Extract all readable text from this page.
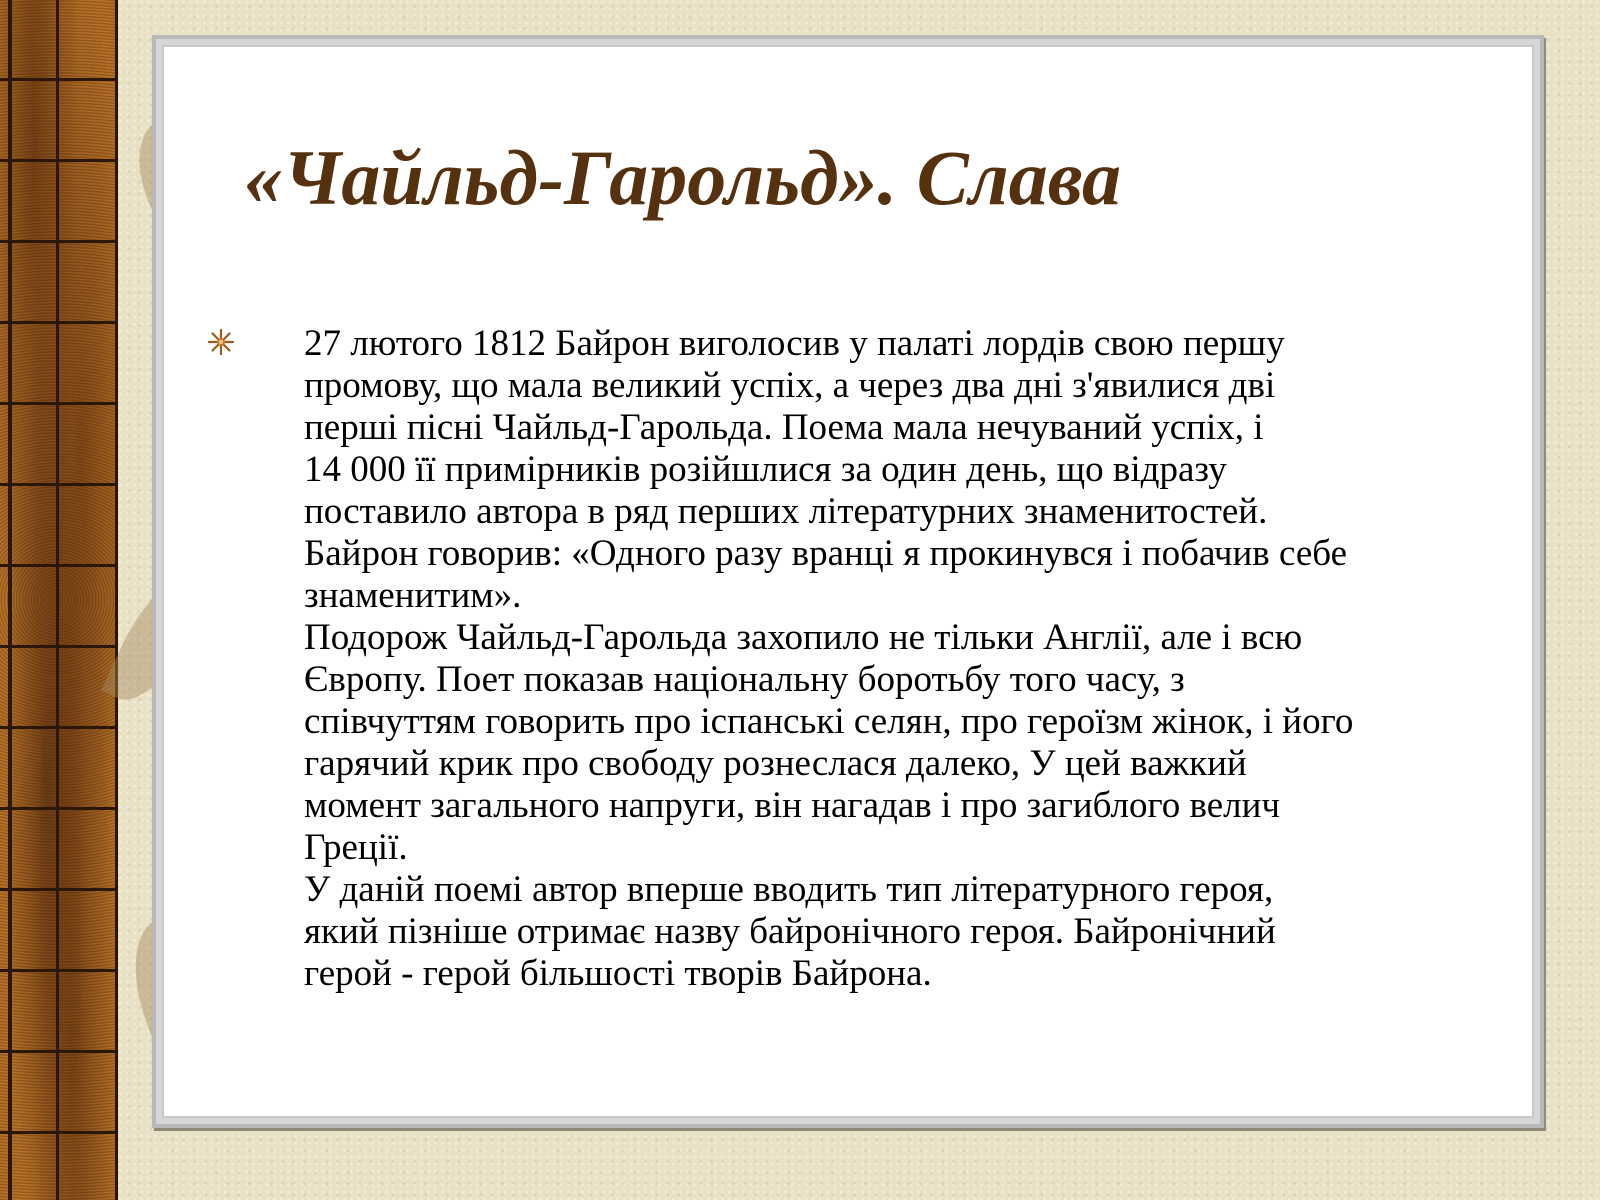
«Чайльд-Гарольд». Слава
27 лютого 1812 Байрон виголосив у палаті лордів свою першу
промову, що мала великий успіх, а через два дні з'явилися дві
перші пісні Чайльд-Гарольда. Поема мала нечуваний успіх, і
14 000 її примірників розійшлися за один день, що відразу
поставило автора в ряд перших літературних знаменитостей.
Байрон говорив: «Одного разу вранці я прокинувся і побачив себе
знаменитим».
Подорож Чайльд-Гарольда захопило не тільки Англії, але і всю
Європу. Поет показав національну боротьбу того часу, з
співчуттям говорить про іспанські селян, про героїзм жінок, і його
гарячий крик про свободу рознеслася далеко, У цей важкий
момент загального напруги, він нагадав і про загиблого велич
Греції.
У даній поемі автор вперше вводить тип літературного героя,
який пізніше отримає назву байронічного героя. Байронічний
герой - герой більшості творів Байрона.
